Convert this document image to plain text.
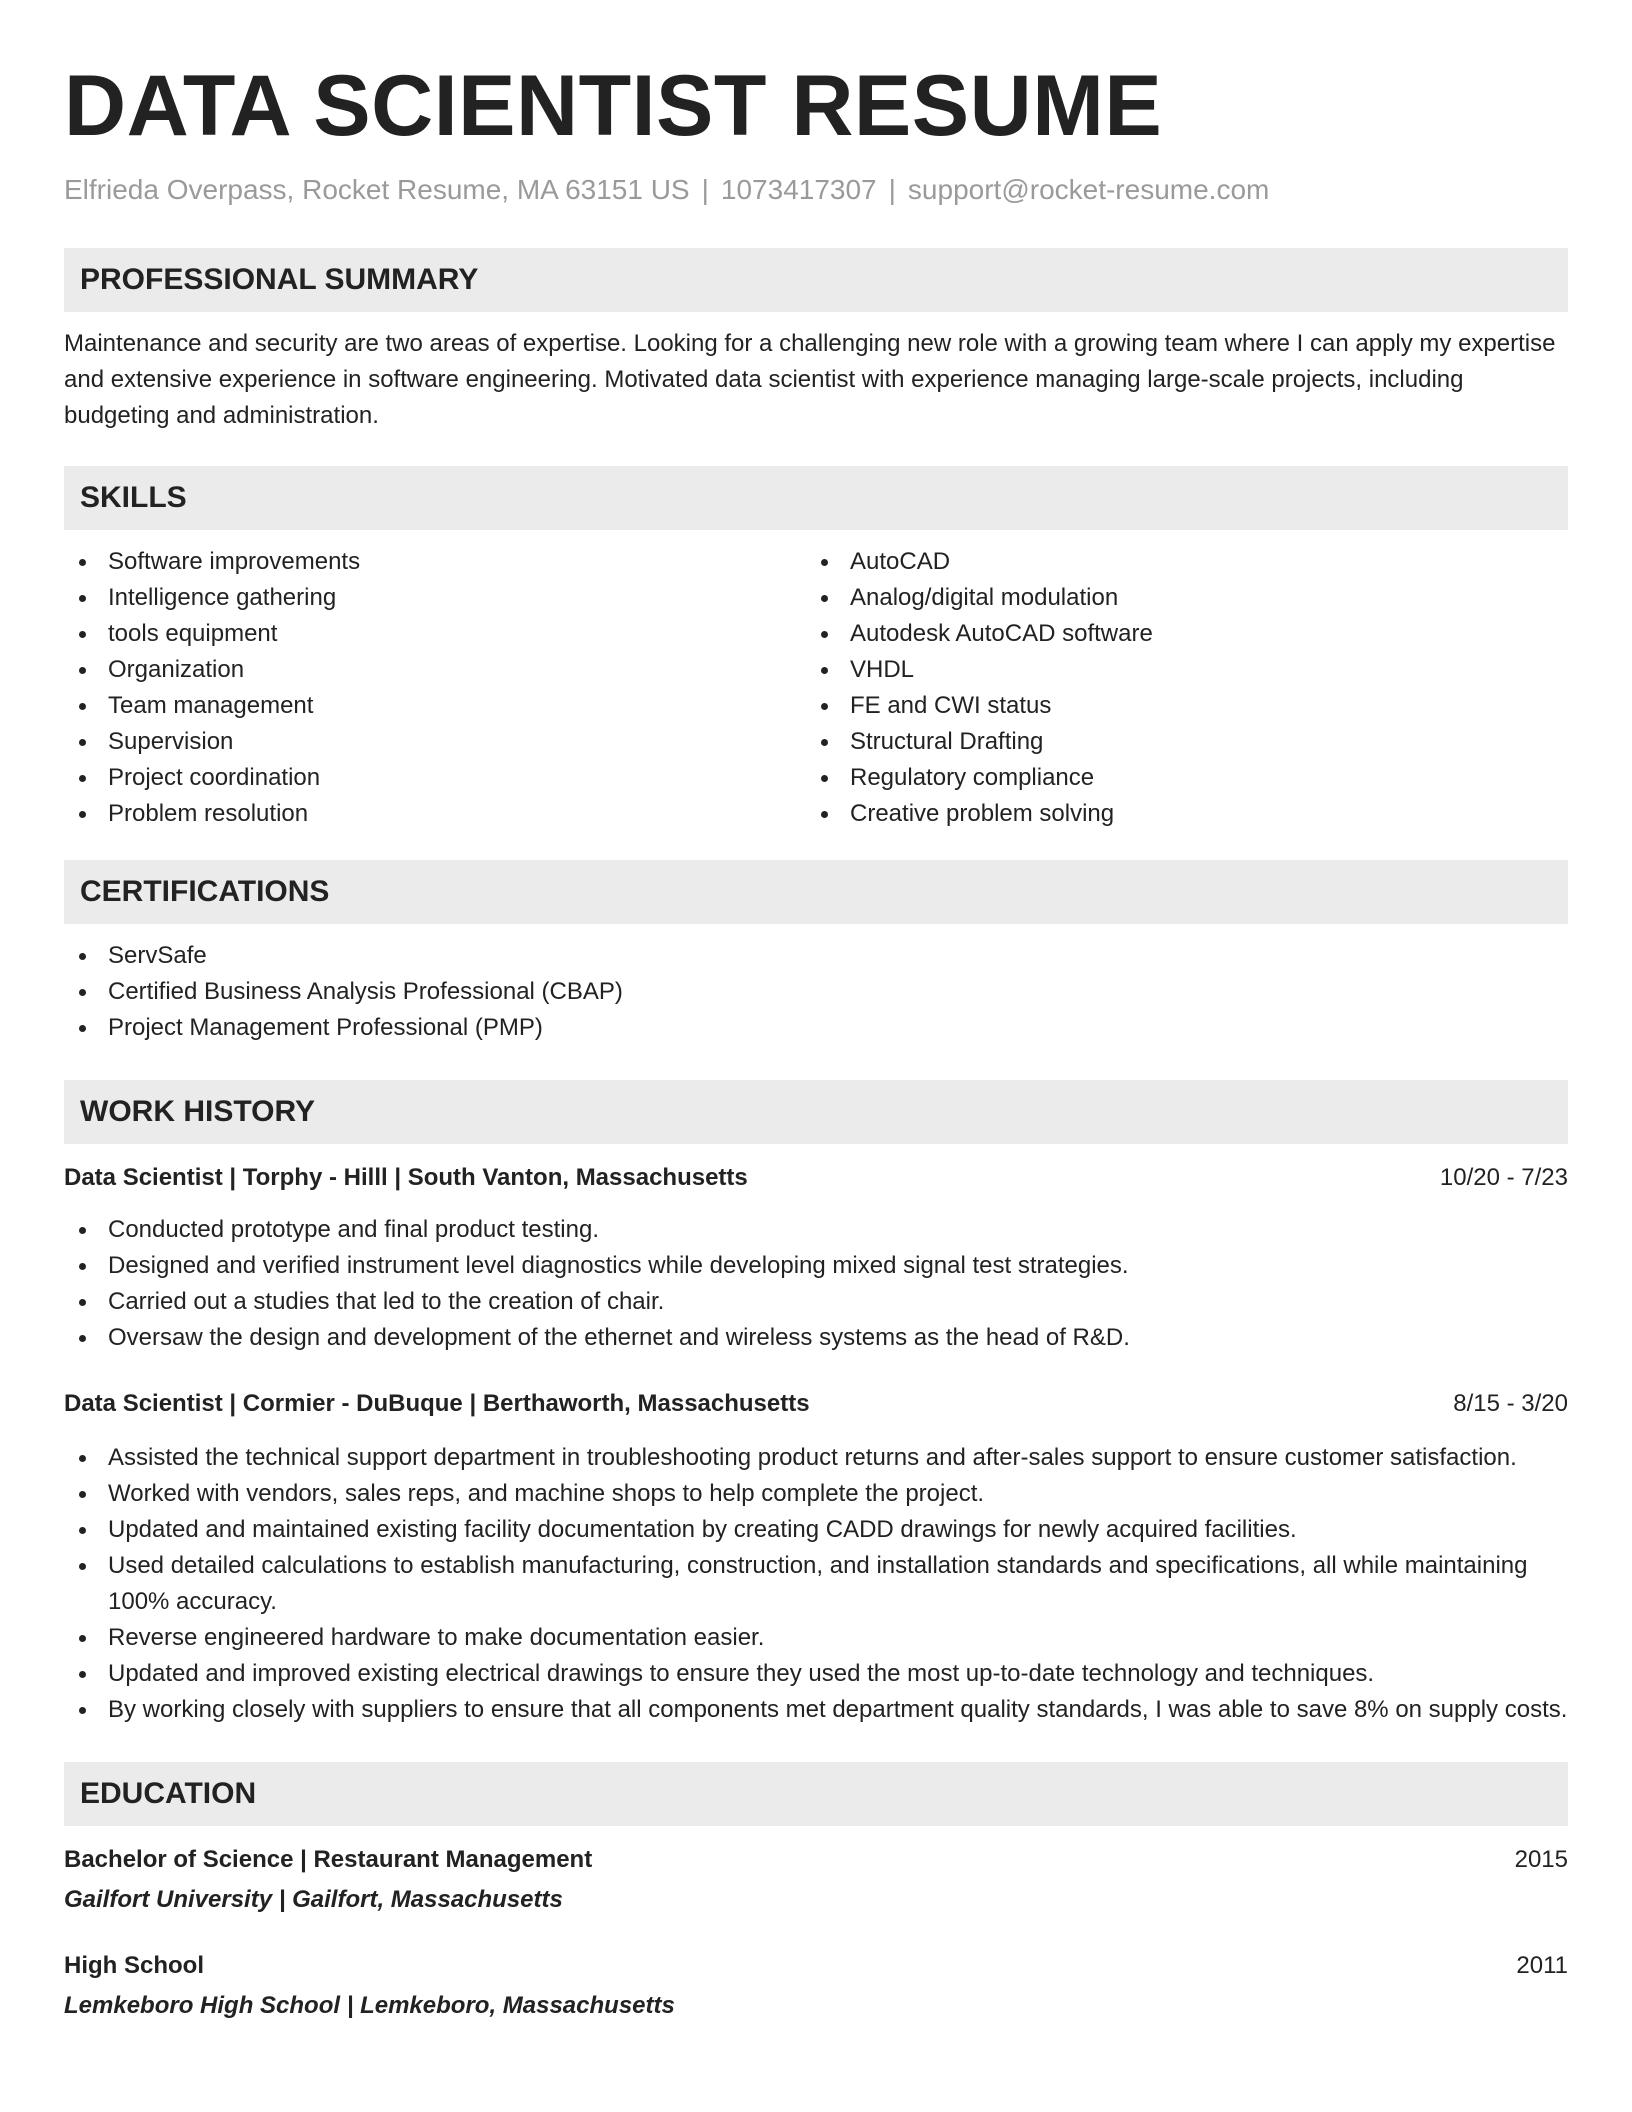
DATA SCIENTIST RESUME
Elfrieda Overpass, Rocket Resume, MA 63151 US | 1073417307 | support@rocket-resume.com
PROFESSIONAL SUMMARY

Maintenance and security are two areas of expertise. Looking for a challenging new role with a growing team where I can apply my expertise and extensive experience in software engineering. Motivated data scientist with experience managing large-scale projects, including budgeting and administration.

SKILLS
Software improvements
Intelligence gathering
tools equipment
Organization
Team management
Supervision
Project coordination
Problem resolution
AutoCAD
Analog/digital modulation
Autodesk AutoCAD software
VHDL
FE and CWI status
Structural Drafting
Regulatory compliance
Creative problem solving
CERTIFICATIONS
ServSafe
Certified Business Analysis Professional (CBAP)
Project Management Professional (PMP)
WORK HISTORY
Data Scientist | Torphy - Hilll | South Vanton, Massachusetts	10/20 - 7/23
Conducted prototype and final product testing.
Designed and verified instrument level diagnostics while developing mixed signal test strategies.
Carried out a studies that led to the creation of chair.
Oversaw the design and development of the ethernet and wireless systems as the head of R&D.
Data Scientist | Cormier - DuBuque | Berthaworth, Massachusetts	8/15 - 3/20
Assisted the technical support department in troubleshooting product returns and after-sales support to ensure customer satisfaction.
Worked with vendors, sales reps, and machine shops to help complete the project.
Updated and maintained existing facility documentation by creating CADD drawings for newly acquired facilities.
Used detailed calculations to establish manufacturing, construction, and installation standards and specifications, all while maintaining 100% accuracy.
Reverse engineered hardware to make documentation easier.
Updated and improved existing electrical drawings to ensure they used the most up-to-date technology and techniques.
By working closely with suppliers to ensure that all components met department quality standards, I was able to save 8% on supply costs.
EDUCATION
Bachelor of Science | Restaurant Management	2015
Gailfort University | Gailfort, Massachusetts
High School	2011
Lemkeboro High School | Lemkeboro, Massachusetts
